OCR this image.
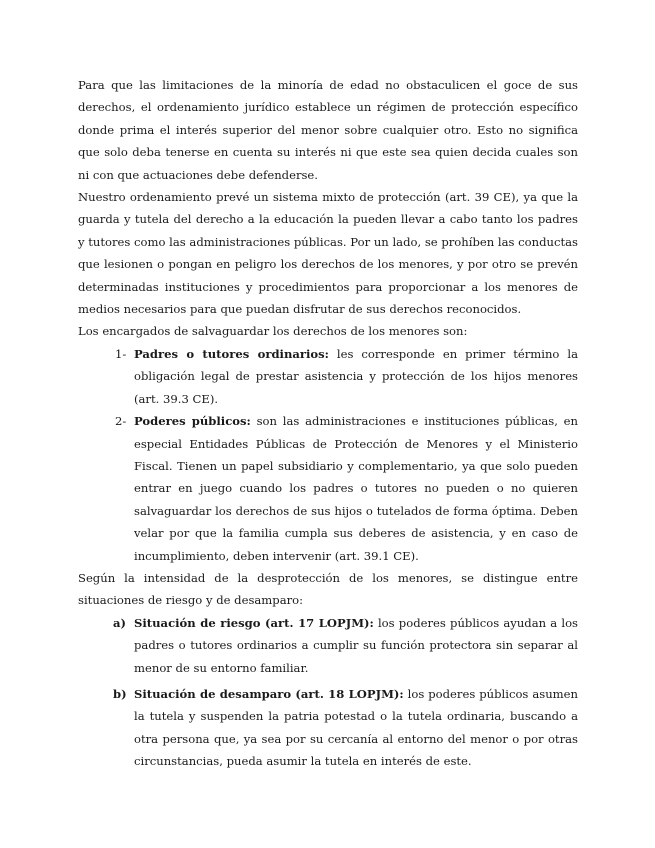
Para que las limitaciones de la minoría de edad no obstaculicen el goce de sus derechos, el ordenamiento jurídico establece un régimen de protección específico donde prima el interés superior del menor sobre cualquier otro. Esto no significa que solo deba tenerse en cuenta su interés ni que este sea quien decida cuales son ni con que actuaciones debe defenderse.

Nuestro ordenamiento prevé un sistema mixto de protección (art. 39 CE), ya que la guarda y tutela del derecho a la educación la pueden llevar a cabo tanto los padres y tutores como las administraciones públicas. Por un lado, se prohíben las conductas que lesionen o pongan en peligro los derechos de los menores, y por otro se prevén determinadas instituciones y procedimientos para proporcionar a los menores de medios necesarios para que puedan disfrutar de sus derechos reconocidos.

Los encargados de salvaguardar los derechos de los menores son:

1- Padres o tutores ordinarios: les corresponde en primer término la obligación legal de prestar asistencia y protección de los hijos menores (art. 39.3 CE).
2- Poderes públicos: son las administraciones e instituciones públicas, en especial Entidades Públicas de Protección de Menores y el Ministerio Fiscal. Tienen un papel subsidiario y complementario, ya que solo pueden entrar en juego cuando los padres o tutores no pueden o no quieren salvaguardar los derechos de sus hijos o tutelados de forma óptima. Deben velar por que la familia cumpla sus deberes de asistencia, y en caso de incumplimiento, deben intervenir (art. 39.1 CE).

Según la intensidad de la desprotección de los menores, se distingue entre situaciones de riesgo y de desamparo:

a) Situación de riesgo (art. 17 LOPJM): los poderes públicos ayudan a los padres o tutores ordinarios a cumplir su función protectora sin separar al menor de su entorno familiar.
b) Situación de desamparo (art. 18 LOPJM): los poderes públicos asumen la tutela y suspenden la patria potestad o la tutela ordinaria, buscando a otra persona que, ya sea por su cercanía al entorno del menor o por otras circunstancias, pueda asumir la tutela en interés de este.
